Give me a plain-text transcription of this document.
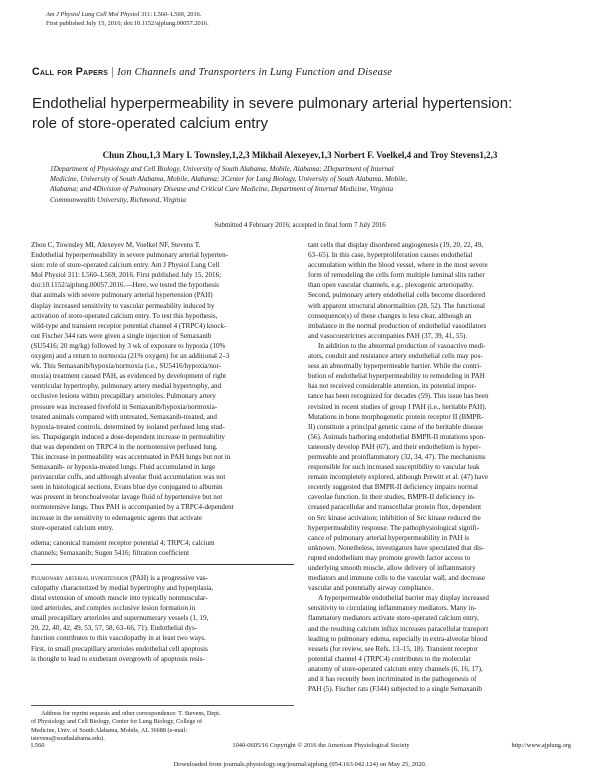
Am J Physiol Lung Cell Mol Physiol 311: L560–L569, 2016.
First published July 15, 2016; doi:10.1152/ajplung.00057.2016.
Call for Papers | Ion Channels and Transporters in Lung Function and Disease
Endothelial hyperpermeability in severe pulmonary arterial hypertension:
role of store-operated calcium entry
Chun Zhou,1,3 Mary I. Townsley,1,2,3 Mikhail Alexeyev,1,3 Norbert F. Voelkel,4 and Troy Stevens1,2,3
1Department of Physiology and Cell Biology, University of South Alabama, Mobile, Alabama; 2Department of Internal
Medicine, University of South Alabama, Mobile, Alabama; 3Center for Lung Biology, University of South Alabama, Mobile,
Alabama; and 4Division of Pulmonary Disease and Critical Care Medicine, Department of Internal Medicine, Virginia
Commonwealth University, Richmond, Virginia
Submitted 4 February 2016; accepted in final form 7 July 2016
Zhou C, Townsley MI, Alexeyev M, Voelkel NF, Stevens T.
Endothelial hyperpermeability in severe pulmonary arterial hyperten-
sion: role of store-operated calcium entry. Am J Physiol Lung Cell
Mol Physiol 311: L560–L569, 2016. First published July 15, 2016;
doi:10.1152/ajplung.00057.2016.—Here, we tested the hypothesis
that animals with severe pulmonary arterial hypertension (PAH)
display increased sensitivity to vascular permeability induced by
activation of store-operated calcium entry. To test this hypothesis,
wild-type and transient receptor potential channel 4 (TRPC4) knock-
out Fischer 344 rats were given a single injection of Semaxanib
(SU5416; 20 mg/kg) followed by 3 wk of exposure to hypoxia (10%
oxygen) and a return to normoxia (21% oxygen) for an additional 2–3
wk. This Semaxanib/hypoxia/normoxia (i.e., SU5416/hypoxia/nor-
moxia) treatment caused PAH, as evidenced by development of right
ventricular hypertrophy, pulmonary artery medial hypertrophy, and
occlusive lesions within precapillary arterioles. Pulmonary artery
pressure was increased fivefold in Semaxanib/hypoxia/normoxia-
treated animals compared with untreated, Semaxanib-treated, and
hypoxia-treated controls, determined by isolated perfused lung stud-
ies. Thapsigargin induced a dose-dependent increase in permeability
that was dependent on TRPC4 in the normotensive perfused lung.
This increase in permeability was accentuated in PAH lungs but not in
Semaxanib- or hypoxia-treated lungs. Fluid accumulated in large
perivascular cuffs, and although alveolar fluid accumulation was not
seen in histological sections, Evans blue dye conjugated to albumin
was present in bronchoalveolar lavage fluid of hypertensive but not
normotensive lungs. Thus PAH is accompanied by a TRPC4-dependent
increase in the sensitivity to edemagenic agents that activate
store-operated calcium entry.
edema; canonical transient receptor potential 4; TRPC4; calcium
channels; Semaxanib; Sugen 5416; filtration coefficient
Pulmonary arterial hypertension (PAH) is a progressive vas-
culopathy characterized by medial hypertrophy and hyperplasia,
distal extension of smooth muscle into typically nonmuscular-
ized arterioles, and complex occlusive lesion formation in
small precapillary arterioles and supernumerary vessels (1, 19,
20, 22, 40, 42, 49, 53, 57, 58, 63–66, 71). Endothelial dys-
function contributes to this vasculopathy in at least two ways.
First, in small precapillary arterioles endothelial cell apoptosis
is thought to lead to exuberant overgrowth of apoptosis resis-
tant cells that display disordered angiogenesis (19, 20, 22, 49,
63–65). In this case, hyperproliferation causes endothelial
accumulation within the blood vessel, where in the most severe
form of remodeling the cells form multiple luminal slits rather
than open vascular channels, e.g., plexogenic arteriopathy.
Second, pulmonary artery endothelial cells become disordered
with apparent structural abnormalities (28, 52). The functional
consequence(s) of these changes is less clear, although an
imbalance in the normal production of endothelial vasodilators
and vasoconstrictors accompanies PAH (37, 39, 41, 55).
In addition to the abnormal production of vasoactive medi-
ators, conduit and resistance artery endothelial cells may pos-
sess an abnormally hyperpermeable barrier. While the contri-
bution of endothelial hyperpermeability to remodeling in PAH
has not received considerable attention, its potential impor-
tance has been recognized for decades (59). This issue has been
revisited in recent studies of group I PAH (i.e., heritable PAH).
Mutations in bone morphogenetic protein receptor II (BMPR-
II) constitute a principal genetic cause of the heritable disease
(56). Animals harboring endothelial BMPR-II mutations spon-
taneously develop PAH (67), and their endothelium is hyper-
permeable and proinflammatory (32, 34, 47). The mechanisms
responsible for such increased susceptibility to vascular leak
remain incompletely explored, although Prewitt et al. (47) have
recently suggested that BMPR-II deficiency impairs normal
caveolae function. In their studies, BMPR-II deficiency in-
creased paracellular and transcellular protein flux, dependent
on Src kinase activation; inhibition of Src kinase reduced the
hyperpermeability response. The pathophysiological signifi-
cance of pulmonary arterial hyperpermeability in PAH is
unknown. Nonetheless, investigators have speculated that dis-
rupted endothelium may promote growth factor access to
underlying smooth muscle, allow delivery of inflammatory
mediators and immune cells to the vascular wall, and decrease
vascular and potentially airway compliance.
A hyperpermeable endothelial barrier may display increased
sensitivity to circulating inflammatory mediators. Many in-
flammatory mediators activate store-operated calcium entry,
and the resulting calcium influx increases paracellular transport
leading to pulmonary edema, especially in extra-alveolar blood
vessels (for review, see Refs. 13–15, 18). Transient receptor
potential channel 4 (TRPC4) contributes to the molecular
anatomy of store-operated calcium entry channels (6, 16, 17),
and it has recently been incriminated in the pathogenesis of
PAH (5). Fischer rats (F344) subjected to a single Semaxanib
Address for reprint requests and other correspondence: T. Stevens, Dept.
of Physiology and Cell Biology, Center for Lung Biology, College of
Medicine, Univ. of South Alabama, Mobile, AL 36688 (e-mail:
tstevens@southalabama.edu).
L560	1040-0605/16 Copyright © 2016 the American Physiological Society	http://www.ajplung.org
Downloaded from journals.physiology.org/journal/ajplung (054.163.042.124) on May 25, 2020.
